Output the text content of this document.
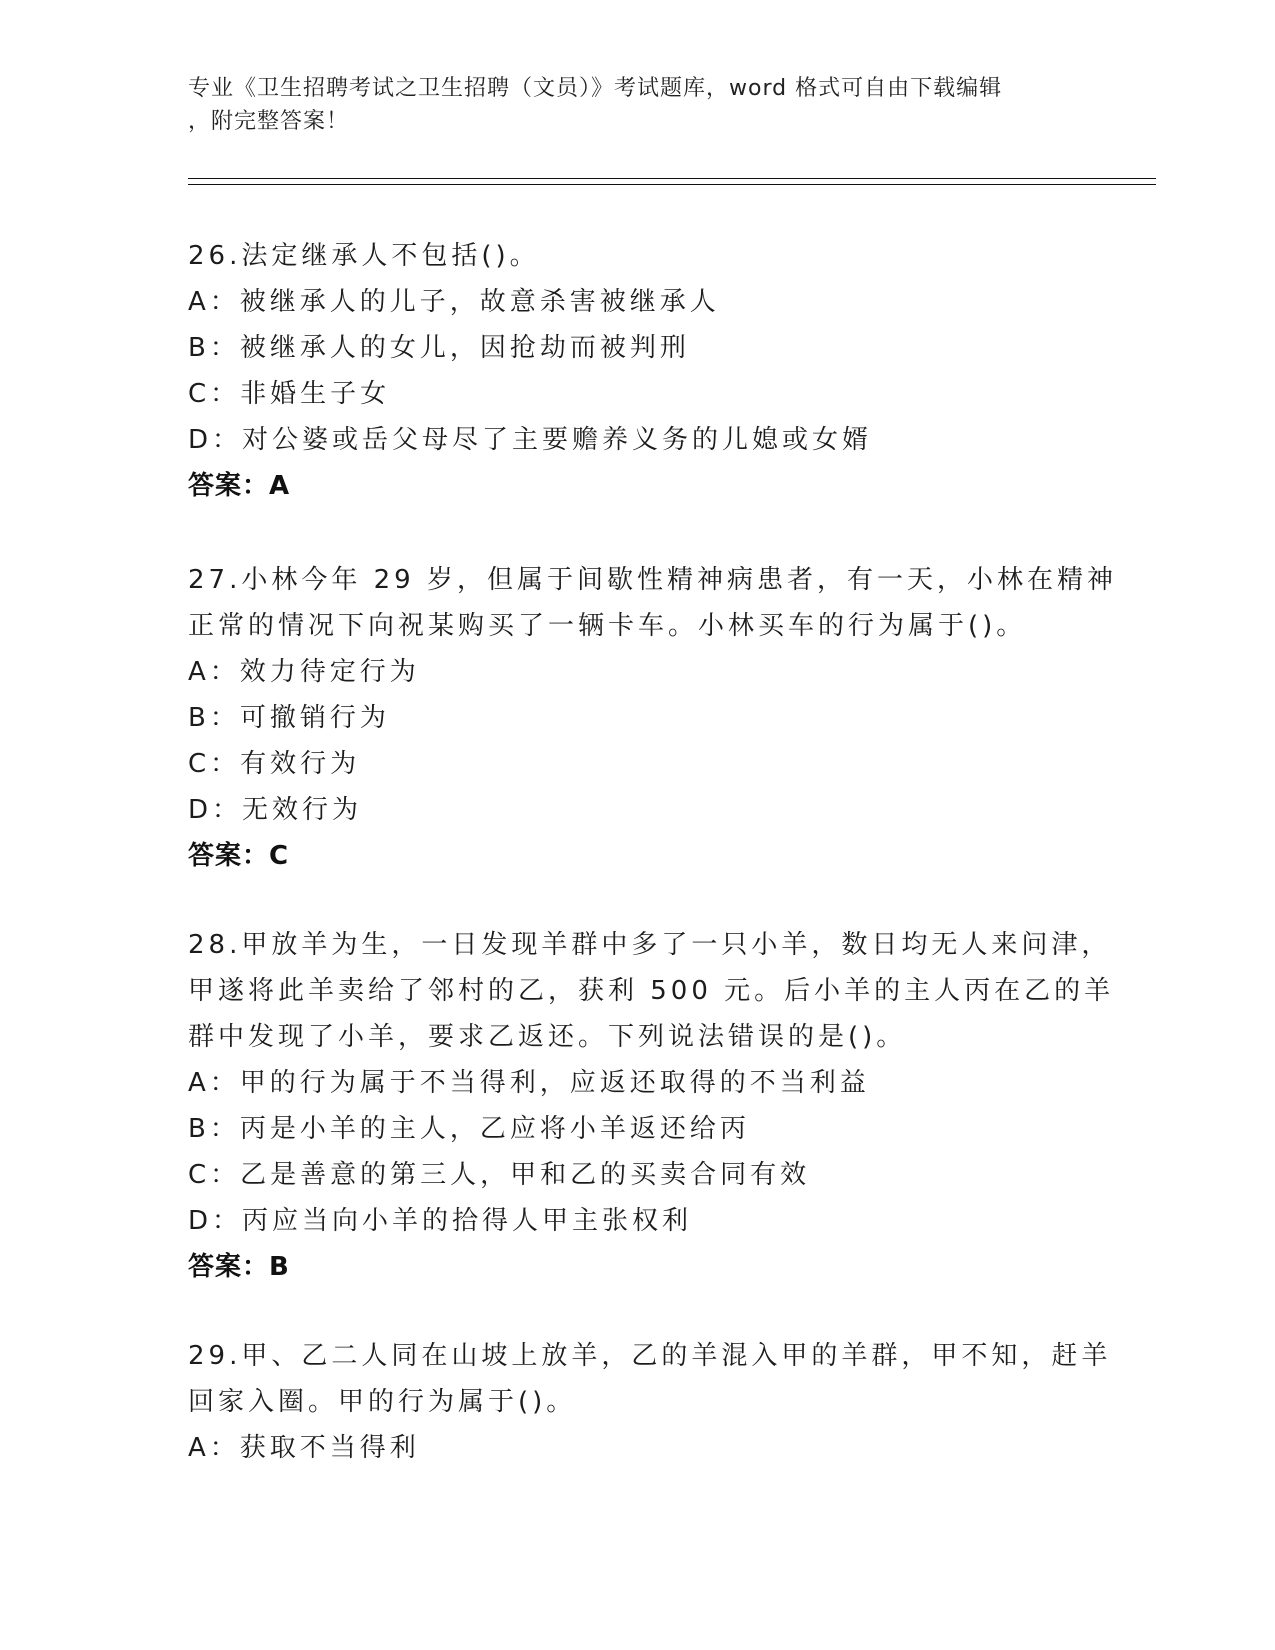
专业《卫生招聘考试之卫生招聘（文员）》考试题库，word 格式可自由下载编辑
，附完整答案！
26.法定继承人不包括()。
A：被继承人的儿子，故意杀害被继承人
B：被继承人的女儿，因抢劫而被判刑
C：非婚生子女
D：对公婆或岳父母尽了主要赡养义务的儿媳或女婿
答案：A
27.小林今年 29 岁，但属于间歇性精神病患者，有一天，小林在精神
正常的情况下向祝某购买了一辆卡车。小林买车的行为属于()。
A：效力待定行为
B：可撤销行为
C：有效行为
D：无效行为
答案：C
28.甲放羊为生，一日发现羊群中多了一只小羊，数日均无人来问津，
甲遂将此羊卖给了邻村的乙，获利 500 元。后小羊的主人丙在乙的羊
群中发现了小羊，要求乙返还。下列说法错误的是()。
A：甲的行为属于不当得利，应返还取得的不当利益
B：丙是小羊的主人，乙应将小羊返还给丙
C：乙是善意的第三人，甲和乙的买卖合同有效
D：丙应当向小羊的拾得人甲主张权利
答案：B
29.甲、乙二人同在山坡上放羊，乙的羊混入甲的羊群，甲不知，赶羊
回家入圈。甲的行为属于()。
A：获取不当得利
